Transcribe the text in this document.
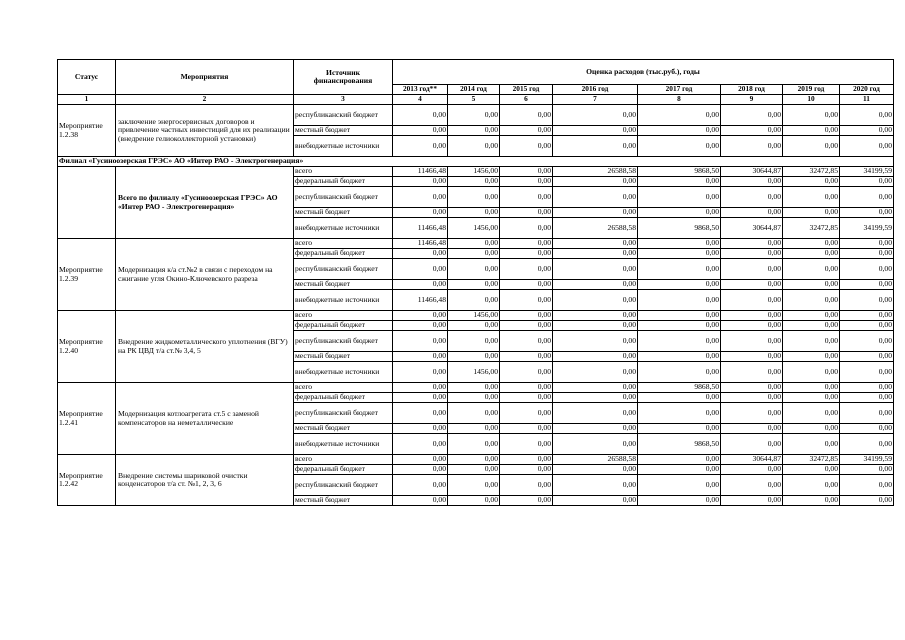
Статус	Мероприятия	Источник финансирования	Оценка расходов (тыс.руб.), годы							
			2013 год**	2014 год	2015 год	2016 год	2017 год	2018 год	2019 год	2020 год
1	2	3	4	5	6	7	8	9	10	11
Мероприятие 1.2.38	заключение энергосервисных договоров и привлечение частных инвестиций для их реализации (внедрение гелиоколлекторной установки)	республиканский бюджет	0,00	0,00	0,00	0,00	0,00	0,00	0,00	0,00
		местный бюджет	0,00	0,00	0,00	0,00	0,00	0,00	0,00	0,00
		внебюджетные источники	0,00	0,00	0,00	0,00	0,00	0,00	0,00	0,00
Филиал «Гусиноозерская ГРЭС» АО «Интер РАО - Электрогенерация»										
	Всего по филиалу «Гусиноозерская ГРЭС» АО «Интер РАО - Электрогенерация»	всего	11466,48	1456,00	0,00	26588,58	9868,50	30644,87	32472,85	34199,59
		федеральный бюджет	0,00	0,00	0,00	0,00	0,00	0,00	0,00	0,00
		республиканский бюджет	0,00	0,00	0,00	0,00	0,00	0,00	0,00	0,00
		местный бюджет	0,00	0,00	0,00	0,00	0,00	0,00	0,00	0,00
		внебюджетные источники	11466,48	1456,00	0,00	26588,58	9868,50	30644,87	32472,85	34199,59
Мероприятие 1.2.39	Модернизация к/а ст.№2 в связи с переходом на сжигание угля Окино-Ключевского разреза	всего	11466,48	0,00	0,00	0,00	0,00	0,00	0,00	0,00
		федеральный бюджет	0,00	0,00	0,00	0,00	0,00	0,00	0,00	0,00
		республиканский бюджет	0,00	0,00	0,00	0,00	0,00	0,00	0,00	0,00
		местный бюджет	0,00	0,00	0,00	0,00	0,00	0,00	0,00	0,00
		внебюджетные источники	11466,48	0,00	0,00	0,00	0,00	0,00	0,00	0,00
Мероприятие 1.2.40	Внедрение жидкометаллического уплотнения (ВГУ) на РК ЦВД т/а ст.№ 3,4, 5	всего	0,00	1456,00	0,00	0,00	0,00	0,00	0,00	0,00
		федеральный бюджет	0,00	0,00	0,00	0,00	0,00	0,00	0,00	0,00
		республиканский бюджет	0,00	0,00	0,00	0,00	0,00	0,00	0,00	0,00
		местный бюджет	0,00	0,00	0,00	0,00	0,00	0,00	0,00	0,00
		внебюджетные источники	0,00	1456,00	0,00	0,00	0,00	0,00	0,00	0,00
Мероприятие 1.2.41	Модернизация котлоагрегата ст.5 с заменой компенсаторов на неметаллические	всего	0,00	0,00	0,00	0,00	9868,50	0,00	0,00	0,00
		федеральный бюджет	0,00	0,00	0,00	0,00	0,00	0,00	0,00	0,00
		республиканский бюджет	0,00	0,00	0,00	0,00	0,00	0,00	0,00	0,00
		местный бюджет	0,00	0,00	0,00	0,00	0,00	0,00	0,00	0,00
		внебюджетные источники	0,00	0,00	0,00	0,00	9868,50	0,00	0,00	0,00
Мероприятие 1.2.42	Внедрение системы шариковой очистки конденсаторов т/а ст. №1, 2, 3, 6	всего	0,00	0,00	0,00	26588,58	0,00	30644,87	32472,85	34199,59
		федеральный бюджет	0,00	0,00	0,00	0,00	0,00	0,00	0,00	0,00
		республиканский бюджет	0,00	0,00	0,00	0,00	0,00	0,00	0,00	0,00
		местный бюджет	0,00	0,00	0,00	0,00	0,00	0,00	0,00	0,00
